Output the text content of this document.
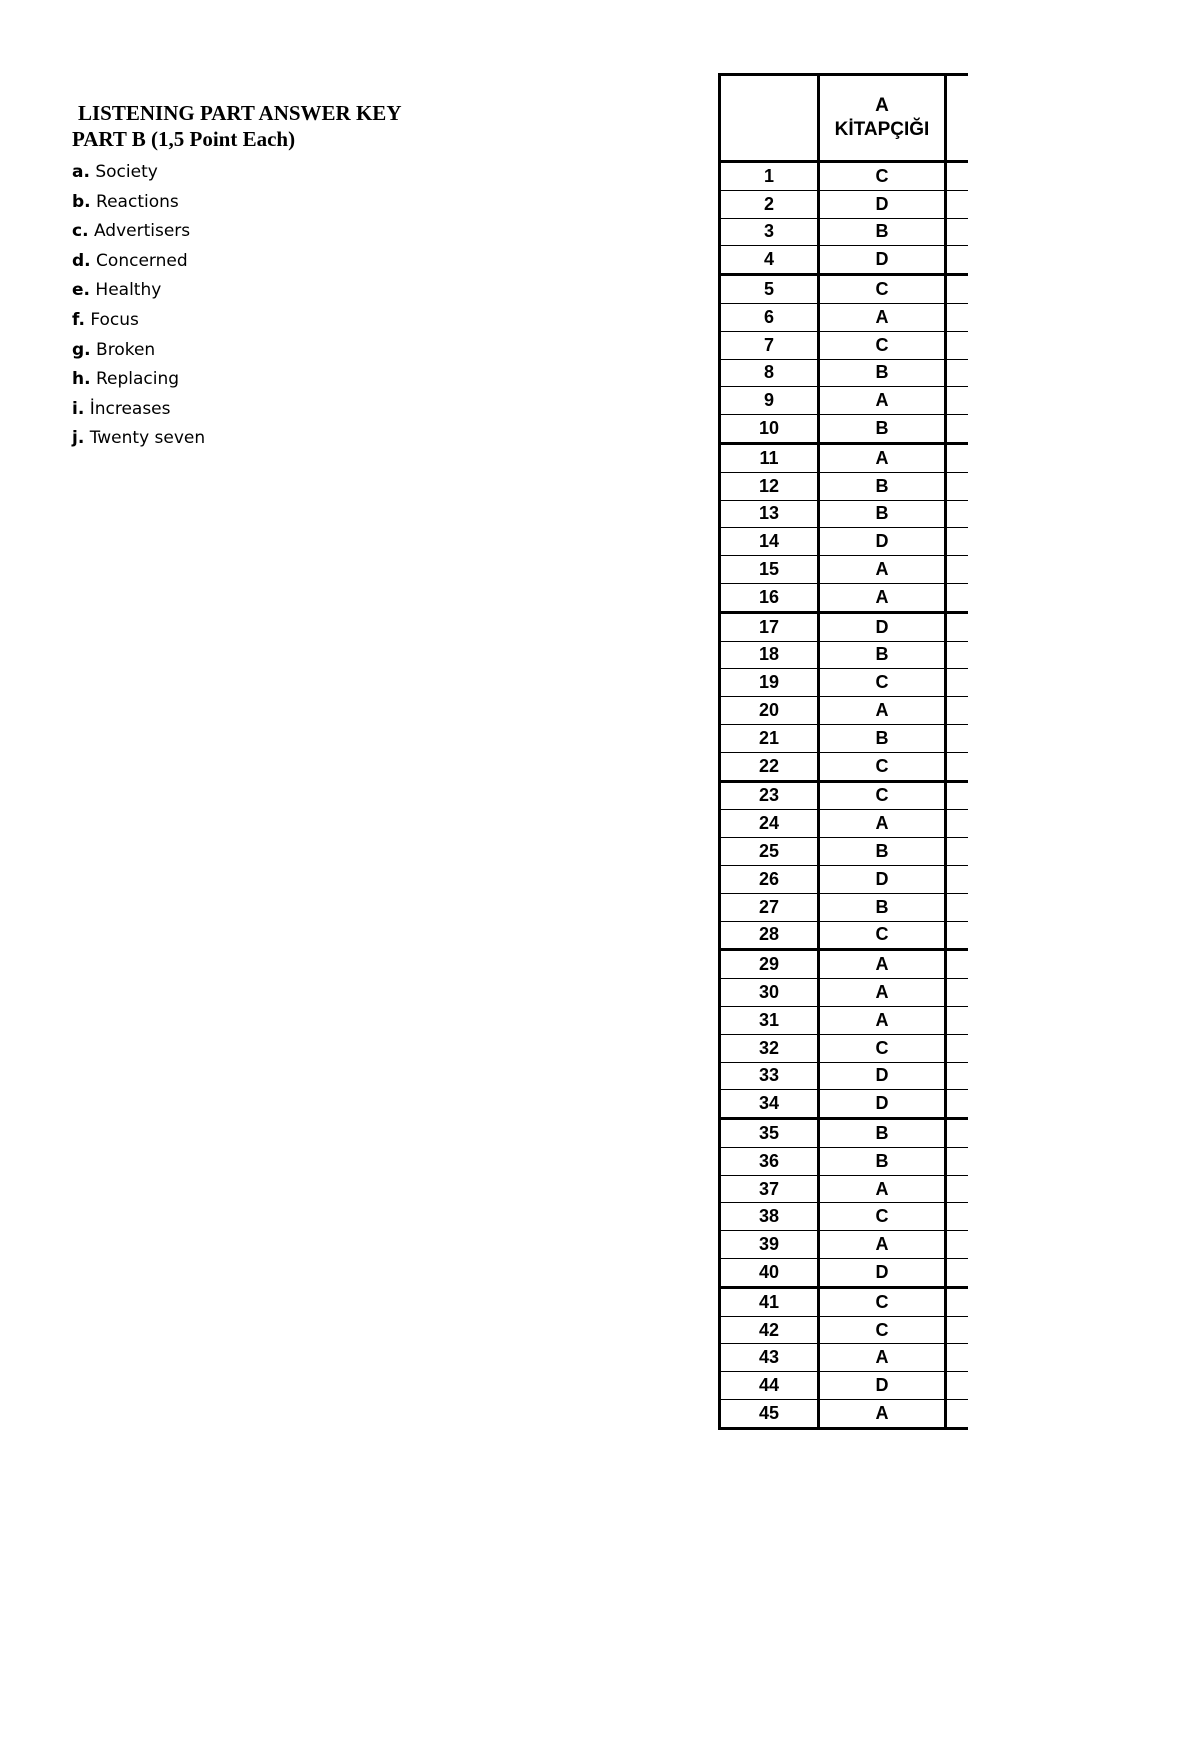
LISTENING PART ANSWER KEY
PART B (1,5 Point Each)
a. Society
b. Reactions
c. Advertisers
d. Concerned
e. Healthy
f. Focus
g. Broken
h. Replacing
i. İncreases
j. Twenty seven
	A
KİTAPÇIĞI	
1	C	
2	D	
3	B	
4	D	
5	C	
6	A	
7	C	
8	B	
9	A	
10	B	
11	A	
12	B	
13	B	
14	D	
15	A	
16	A	
17	D	
18	B	
19	C	
20	A	
21	B	
22	C	
23	C	
24	A	
25	B	
26	D	
27	B	
28	C	
29	A	
30	A	
31	A	
32	C	
33	D	
34	D	
35	B	
36	B	
37	A	
38	C	
39	A	
40	D	
41	C	
42	C	
43	A	
44	D	
45	A	
